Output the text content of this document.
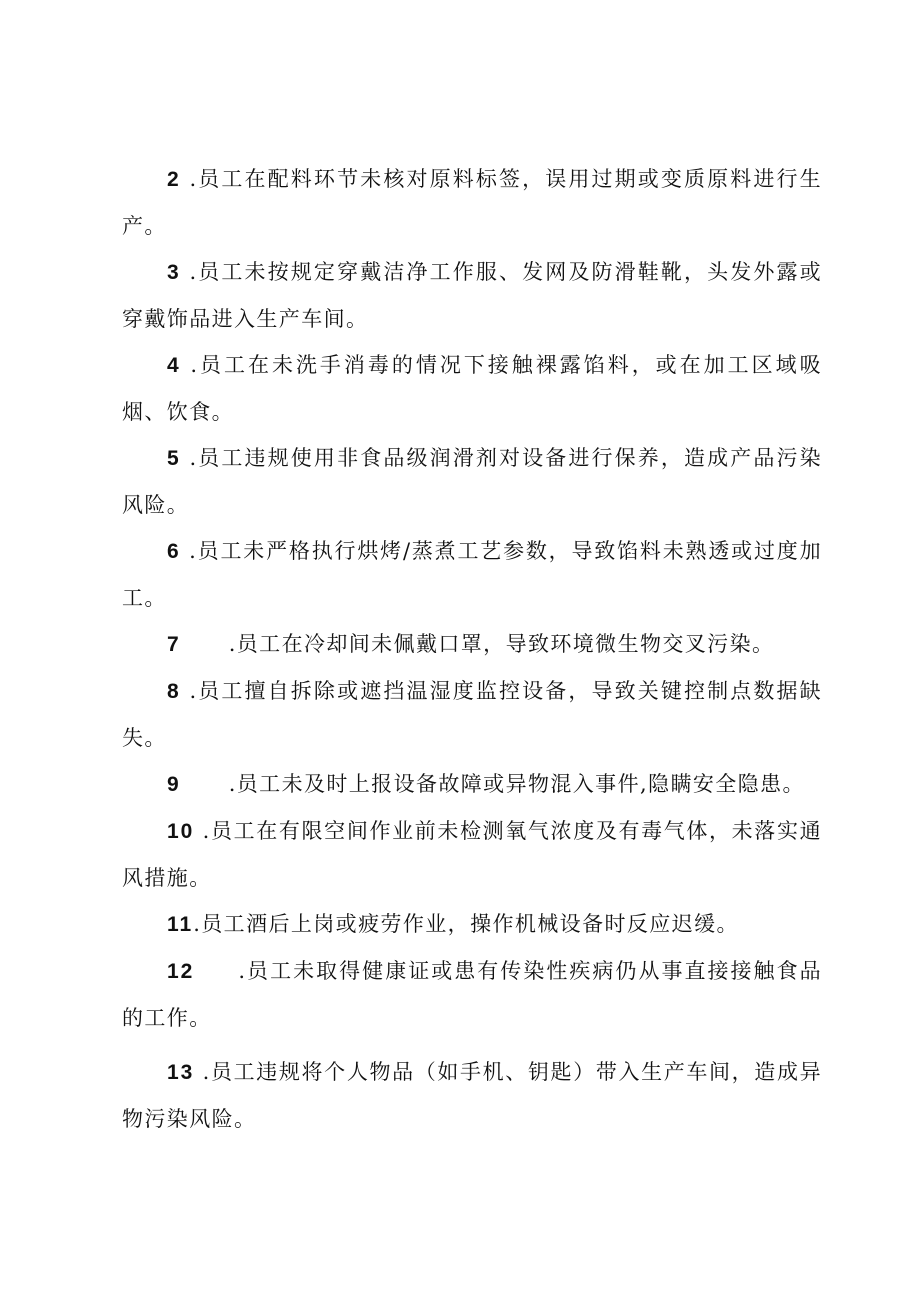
2 .员工在配料环节未核对原料标签，误用过期或变质原料进行生产。

3 .员工未按规定穿戴洁净工作服、发网及防滑鞋靴，头发外露或穿戴饰品进入生产车间。

4 .员工在未洗手消毒的情况下接触裸露馅料，或在加工区域吸烟、饮食。

5 .员工违规使用非食品级润滑剂对设备进行保养，造成产品污染风险。

6 .员工未严格执行烘烤/蒸煮工艺参数，导致馅料未熟透或过度加工。

7 .员工在冷却间未佩戴口罩，导致环境微生物交叉污染。

8 .员工擅自拆除或遮挡温湿度监控设备，导致关键控制点数据缺失。

9 .员工未及时上报设备故障或异物混入事件,隐瞒安全隐患。

10 .员工在有限空间作业前未检测氧气浓度及有毒气体，未落实通风措施。

11.员工酒后上岗或疲劳作业，操作机械设备时反应迟缓。

12 .员工未取得健康证或患有传染性疾病仍从事直接接触食品的工作。

13 .员工违规将个人物品（如手机、钥匙）带入生产车间，造成异物污染风险。
